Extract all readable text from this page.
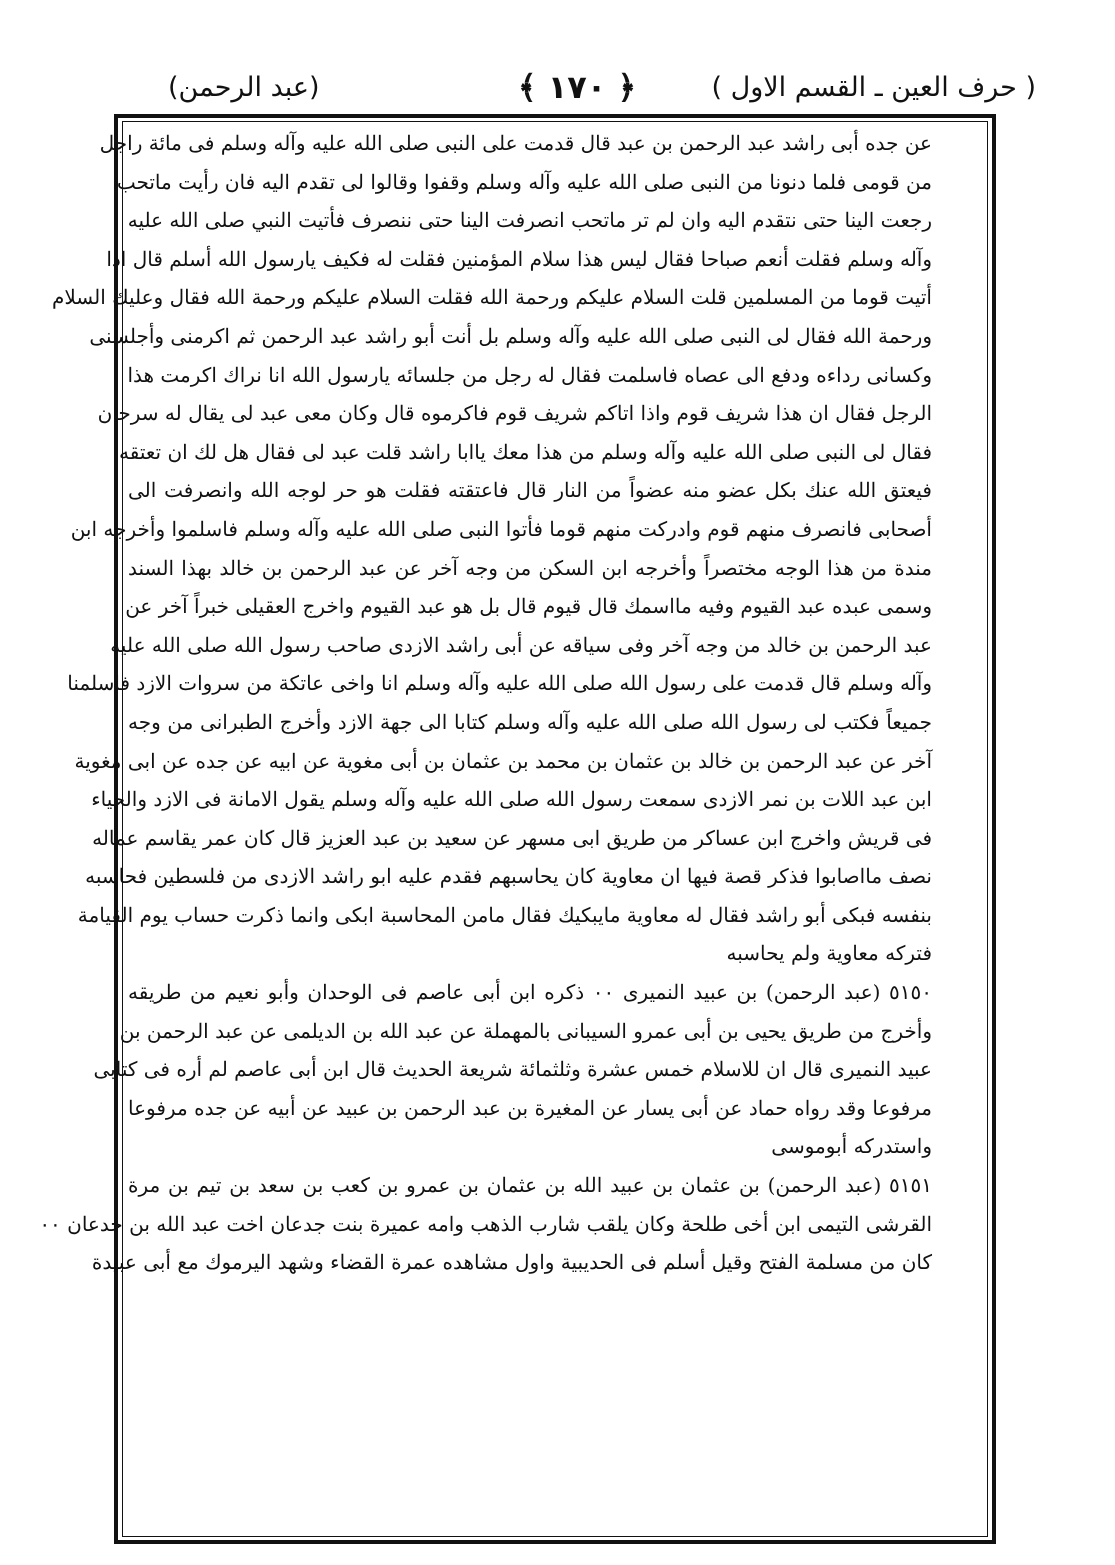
(عبد الرحمن)	﴿ ١٧٠ ﴾	( حرف العين ـ القسم الاول )
عن جده أبى راشد عبد الرحمن بن عبد قال قدمت على النبى صلى الله عليه وآله وسلم فى مائة راجل
من قومى فلما دنونا من النبى صلى الله عليه وآله وسلم وقفوا وقالوا لى تقدم اليه فان رأيت ماتحب
رجعت الينا حتى نتقدم اليه وان لم تر ماتحب انصرفت الينا حتى ننصرف فأتيت النبي صلى الله عليه
وآله وسلم فقلت أنعم صباحا فقال ليس هذا سلام المؤمنين فقلت له فكيف يارسول الله أسلم قال اذا
أتيت قوما من المسلمين قلت السلام عليكم ورحمة الله فقلت السلام عليكم ورحمة الله فقال وعليك السلام
ورحمة الله فقال لى النبى صلى الله عليه وآله وسلم بل أنت أبو راشد عبد الرحمن ثم اكرمنى وأجلسنى
وكسانى رداءه ودفع الى عصاه فاسلمت فقال له رجل من جلسائه يارسول الله انا نراك اكرمت هذا
الرجل فقال ان هذا شريف قوم واذا اتاكم شريف قوم فاكرموه قال وكان معى عبد لى يقال له سرحان
فقال لى النبى صلى الله عليه وآله وسلم من هذا معك ياابا راشد قلت عبد لى فقال هل لك ان تعتقه
فيعتق الله عنك بكل عضو منه عضواً من النار قال فاعتقته فقلت هو حر لوجه الله وانصرفت الى
أصحابى فانصرف منهم قوم وادركت منهم قوما فأتوا النبى صلى الله عليه وآله وسلم فاسلموا وأخرجه ابن
مندة من هذا الوجه مختصراً وأخرجه ابن السكن من وجه آخر عن عبد الرحمن بن خالد بهذا السند
وسمى عبده عبد القيوم وفيه مااسمك قال قيوم قال بل هو عبد القيوم واخرج العقيلى خبراً آخر عن
عبد الرحمن بن خالد من وجه آخر وفى سياقه عن أبى راشد الازدى صاحب رسول الله صلى الله عليه
وآله وسلم قال قدمت على رسول الله صلى الله عليه وآله وسلم انا واخى عاتكة من سروات الازد فاسلمنا
جميعاً فكتب لى رسول الله صلى الله عليه وآله وسلم كتابا الى جهة الازد وأخرج الطبرانى من وجه
آخر عن عبد الرحمن بن خالد بن عثمان بن محمد بن عثمان بن أبى مغوية عن ابيه عن جده عن ابى مغوية
ابن عبد اللات بن نمر الازدى سمعت رسول الله صلى الله عليه وآله وسلم يقول الامانة فى الازد والحياء
فى قريش واخرج ابن عساكر من طريق ابى مسهر عن سعيد بن عبد العزيز قال كان عمر يقاسم عماله
نصف مااصابوا فذكر قصة فيها ان معاوية كان يحاسبهم فقدم عليه ابو راشد الازدى من فلسطين فحاسبه
بنفسه فبكى أبو راشد فقال له معاوية مايبكيك فقال مامن المحاسبة ابكى وانما ذكرت حساب يوم القيامة
فتركه معاوية ولم يحاسبه
٥١٥٠ (عبد الرحمن) بن عبيد النميرى ٠٠ ذكره ابن أبى عاصم فى الوحدان وأبو نعيم من طريقه
وأخرج من طريق يحيى بن أبى عمرو السيبانى بالمهملة عن عبد الله بن الديلمى عن عبد الرحمن بن
عبيد النميرى قال ان للاسلام خمس عشرة وثلثمائة شريعة الحديث قال ابن أبى عاصم لم أره فى كتابى
مرفوعا وقد رواه حماد عن أبى يسار عن المغيرة بن عبد الرحمن بن عبيد عن أبيه عن جده مرفوعا
واستدركه أبوموسى
٥١٥١ (عبد الرحمن) بن عثمان بن عبيد الله بن عثمان بن عمرو بن كعب بن سعد بن تيم بن مرة
القرشى التيمى ابن أخى طلحة وكان يلقب شارب الذهب وامه عميرة بنت جدعان اخت عبد الله بن جدعان ٠٠
كان من مسلمة الفتح وقيل أسلم فى الحديبية واول مشاهده عمرة القضاء وشهد اليرموك مع أبى عبيدة
